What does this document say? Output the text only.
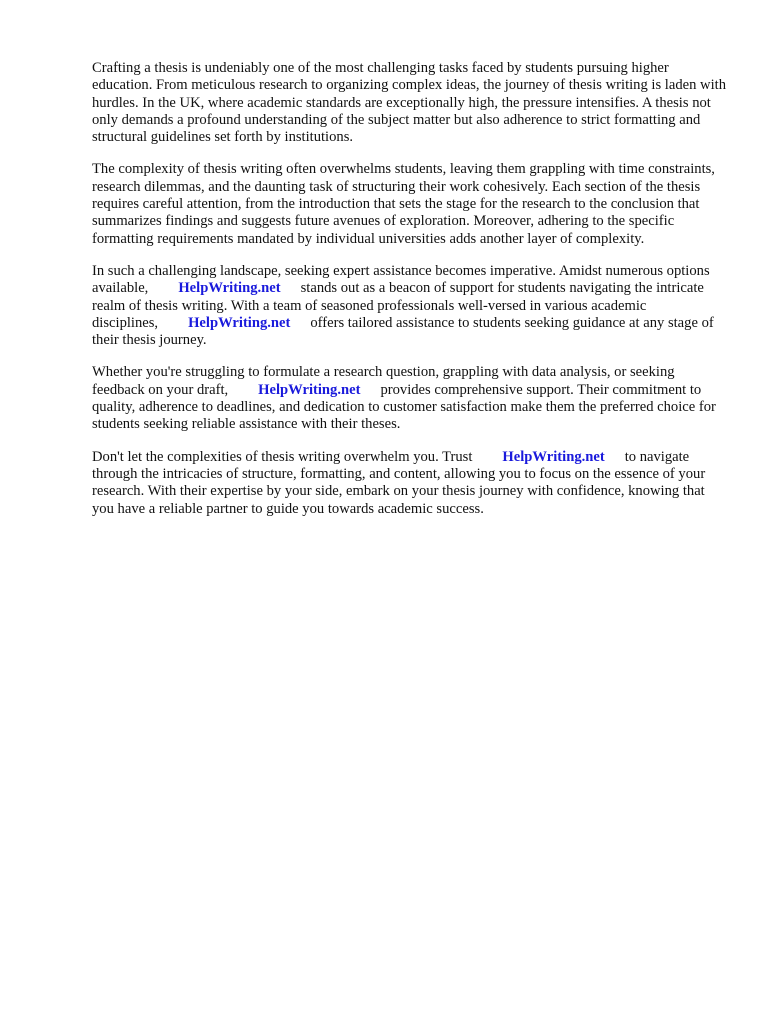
Crafting a thesis is undeniably one of the most challenging tasks faced by students pursuing higher education. From meticulous research to organizing complex ideas, the journey of thesis writing is laden with hurdles. In the UK, where academic standards are exceptionally high, the pressure intensifies. A thesis not only demands a profound understanding of the subject matter but also adherence to strict formatting and structural guidelines set forth by institutions.

The complexity of thesis writing often overwhelms students, leaving them grappling with time constraints, research dilemmas, and the daunting task of structuring their work cohesively. Each section of the thesis requires careful attention, from the introduction that sets the stage for the research to the conclusion that summarizes findings and suggests future avenues of exploration. Moreover, adhering to the specific formatting requirements mandated by individual universities adds another layer of complexity.

In such a challenging landscape, seeking expert assistance becomes imperative. Amidst numerous options available, HelpWriting.net stands out as a beacon of support for students navigating the intricate realm of thesis writing. With a team of seasoned professionals well-versed in various academic disciplines, HelpWriting.net offers tailored assistance to students seeking guidance at any stage of their thesis journey.

Whether you're struggling to formulate a research question, grappling with data analysis, or seeking feedback on your draft, HelpWriting.net provides comprehensive support. Their commitment to quality, adherence to deadlines, and dedication to customer satisfaction make them the preferred choice for students seeking reliable assistance with their theses.

Don't let the complexities of thesis writing overwhelm you. Trust HelpWriting.net to navigate through the intricacies of structure, formatting, and content, allowing you to focus on the essence of your research. With their expertise by your side, embark on your thesis journey with confidence, knowing that you have a reliable partner to guide you towards academic success.
